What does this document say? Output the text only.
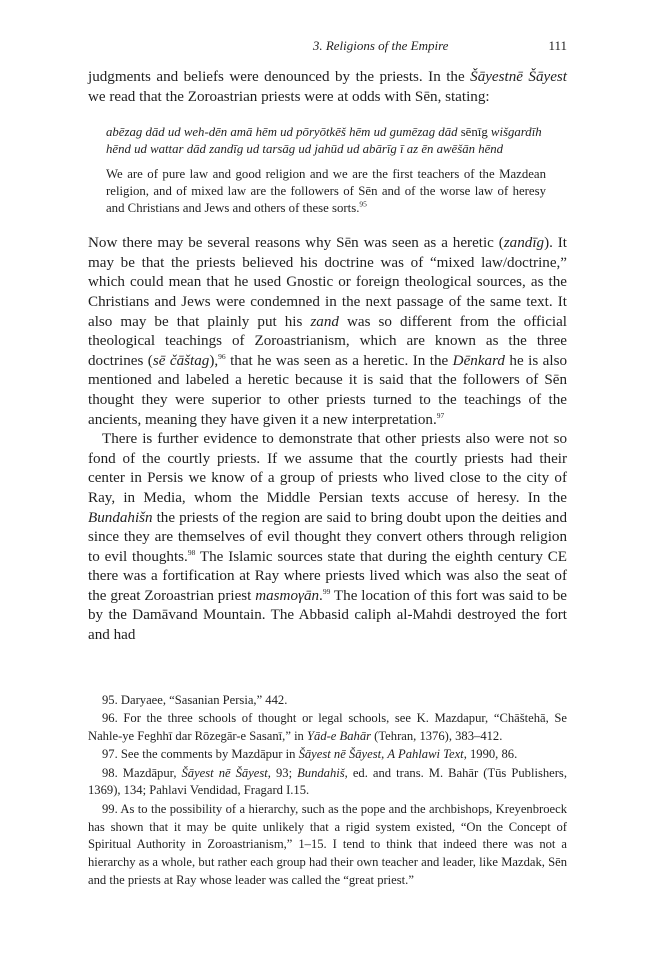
3. Religions of the Empire	111

judgments and beliefs were denounced by the priests. In the Šāyestnē Šāyest we read that the Zoroastrian priests were at odds with Sēn, stating:

abēzag dād ud weh-dēn amā hēm ud pōryōtkēš hēm ud gumēzag dād sēnīg wišgardīh hēnd ud wattar dād zandīg ud tarsāg ud jahūd ud abārīg ī az ēn awēšān hēnd

We are of pure law and good religion and we are the first teachers of the Mazdean religion, and of mixed law are the followers of Sēn and of the worse law of heresy and Christians and Jews and others of these sorts.$^{95}$

Now there may be several reasons why Sēn was seen as a heretic (zandīg). It may be that the priests believed his doctrine was of “mixed law/doctrine,” which could mean that he used Gnostic or foreign theological sources, as the Christians and Jews were condemned in the next passage of the same text. It also may be that plainly put his zand was so different from the official theological teachings of Zoroastrianism, which are known as the three doctrines (sē čāštag),$^{96}$ that he was seen as a heretic. In the Dēnkard he is also mentioned and labeled a heretic because it is said that the followers of Sēn thought they were superior to other priests turned to the teachings of the ancients, meaning they have given it a new interpretation.$^{97}$

There is further evidence to demonstrate that other priests also were not so fond of the courtly priests. If we assume that the courtly priests had their center in Persis we know of a group of priests who lived close to the city of Ray, in Media, whom the Middle Persian texts accuse of heresy. In the Bundahišn the priests of the region are said to bring doubt upon the deities and since they are themselves of evil thought they convert others through religion to evil thoughts.$^{98}$ The Islamic sources state that during the eighth century CE there was a fortification at Ray where priests lived which was also the seat of the great Zoroastrian priest masmoγān.$^{99}$ The location of this fort was said to be by the Damāvand Mountain. The Abbasid caliph al-Mahdi destroyed the fort and had

95. Daryaee, “Sasanian Persia,” 442.

96. For the three schools of thought or legal schools, see K. Mazdapur, “Chāštehā, Se Nahle-ye Feghhī dar Rōzegār-e Sasanī,” in Yād-e Bahār (Tehran, 1376), 383–412.

97. See the comments by Mazdāpur in Šāyest nē Šāyest, A Pahlawi Text, 1990, 86.

98. Mazdāpur, Šāyest nē Šāyest, 93; Bundahiš, ed. and trans. M. Bahār (Tūs Publishers, 1369), 134; Pahlavi Vendidad, Fragard I.15.

99. As to the possibility of a hierarchy, such as the pope and the archbishops, Kreyenbroeck has shown that it may be quite unlikely that a rigid system existed, “On the Concept of Spiritual Authority in Zoroastrianism,” 1–15. I tend to think that indeed there was not a hierarchy as a whole, but rather each group had their own teacher and leader, like Mazdak, Sēn and the priests at Ray whose leader was called the “great priest.”
